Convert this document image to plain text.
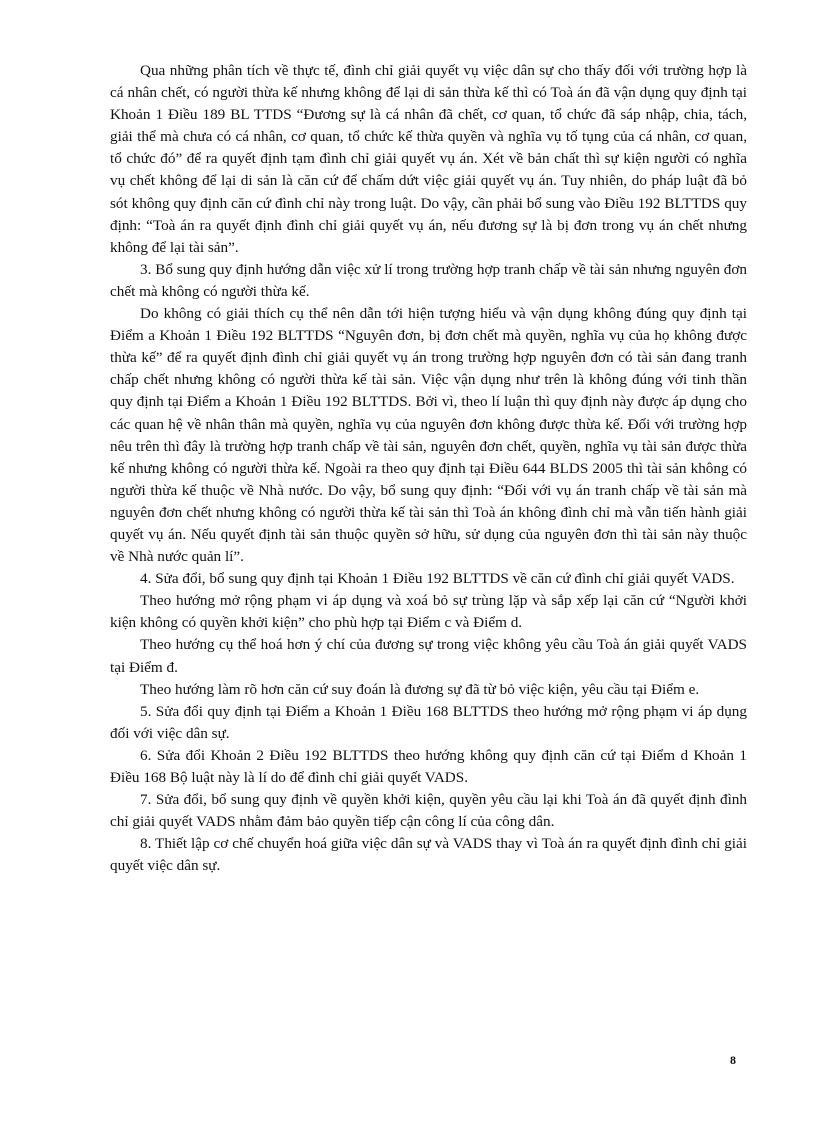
Qua những phân tích về thực tế, đình chỉ giải quyết vụ việc dân sự cho thấy đối với trường hợp là cá nhân chết, có người thừa kế nhưng không để lại di sản thừa kế thì có Toà án đã vận dụng quy định tại Khoản 1 Điều 189 BL TTDS “Đương sự là cá nhân đã chết, cơ quan, tổ chức đã sáp nhập, chia, tách, giải thể mà chưa có cá nhân, cơ quan, tổ chức kế thừa quyền và nghĩa vụ tố tụng của cá nhân, cơ quan, tổ chức đó” để ra quyết định tạm đình chỉ giải quyết vụ án. Xét về bản chất thì sự kiện người có nghĩa vụ chết không để lại di sản là căn cứ để chấm dứt việc giải quyết vụ án. Tuy nhiên, do pháp luật đã bỏ sót không quy định căn cứ đình chỉ này trong luật. Do vậy, cần phải bổ sung vào Điều 192 BLTTDS quy định: “Toà án ra quyết định đình chỉ giải quyết vụ án, nếu đương sự là bị đơn trong vụ án chết nhưng không để lại tài sản”.

3. Bổ sung quy định hướng dẫn việc xử lí trong trường hợp tranh chấp về tài sản nhưng nguyên đơn chết mà không có người thừa kế.

Do không có giải thích cụ thể nên dẫn tới hiện tượng hiểu và vận dụng không đúng quy định tại Điểm a Khoản 1 Điều 192 BLTTDS “Nguyên đơn, bị đơn chết mà quyền, nghĩa vụ của họ không được thừa kế” để ra quyết định đình chỉ giải quyết vụ án trong trường hợp nguyên đơn có tài sản đang tranh chấp chết nhưng không có người thừa kế tài sản. Việc vận dụng như trên là không đúng với tinh thần quy định tại Điểm a Khoản 1 Điều 192 BLTTDS. Bởi vì, theo lí luận thì quy định này được áp dụng cho các quan hệ về nhân thân mà quyền, nghĩa vụ của nguyên đơn không được thừa kế. Đối với trường hợp nêu trên thì đây là trường hợp tranh chấp về tài sản, nguyên đơn chết, quyền, nghĩa vụ tài sản được thừa kế nhưng không có người thừa kế. Ngoài ra theo quy định tại Điều 644 BLDS 2005 thì tài sản không có người thừa kế thuộc về Nhà nước. Do vậy, bổ sung quy định: “Đối với vụ án tranh chấp về tài sản mà nguyên đơn chết nhưng không có người thừa kế tài sản thì Toà án không đình chỉ mà vẫn tiến hành giải quyết vụ án. Nếu quyết định tài sản thuộc quyền sở hữu, sử dụng của nguyên đơn thì tài sản này thuộc về Nhà nước quản lí”.

4. Sửa đổi, bổ sung quy định tại Khoản 1 Điều 192 BLTTDS về căn cứ đình chỉ giải quyết VADS.

Theo hướng mở rộng phạm vi áp dụng và xoá bỏ sự trùng lặp và sắp xếp lại căn cứ “Người khởi kiện không có quyền khởi kiện” cho phù hợp tại Điểm c và Điểm d.

Theo hướng cụ thể hoá hơn ý chí của đương sự trong việc không yêu cầu Toà án giải quyết VADS tại Điểm đ.

Theo hướng làm rõ hơn căn cứ suy đoán là đương sự đã từ bỏ việc kiện, yêu cầu tại Điểm e.

5. Sửa đổi quy định tại Điểm a Khoản 1 Điều 168 BLTTDS theo hướng mở rộng phạm vi áp dụng đối với việc dân sự.

6. Sửa đổi Khoản 2 Điều 192 BLTTDS theo hướng không quy định căn cứ tại Điểm d Khoản 1 Điều 168 Bộ luật này là lí do để đình chỉ giải quyết VADS.

7. Sửa đổi, bổ sung quy định về quyền khởi kiện, quyền yêu cầu lại khi Toà án đã quyết định đình chỉ giải quyết VADS nhằm đảm bảo quyền tiếp cận công lí của công dân.

8. Thiết lập cơ chế chuyển hoá giữa việc dân sự và VADS thay vì Toà án ra quyết định đình chỉ giải quyết việc dân sự.

8
